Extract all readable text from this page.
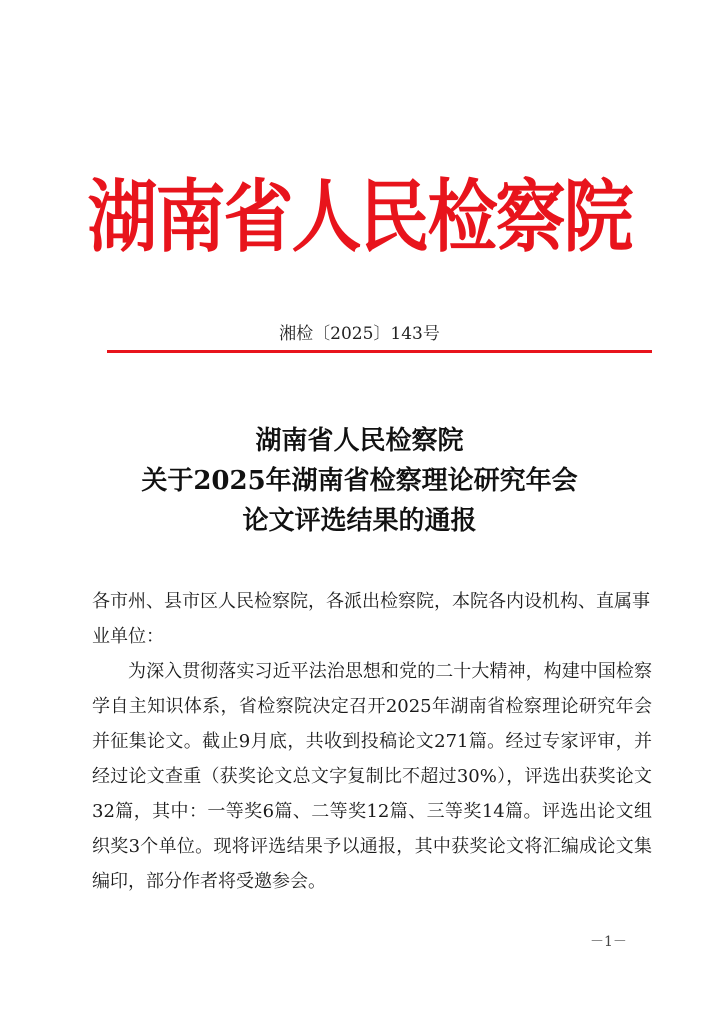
湖南省人民检察院
湘检〔2025〕143号
湖南省人民检察院
关于2025年湖南省检察理论研究年会
论文评选结果的通报

各市州、县市区人民检察院，各派出检察院，本院各内设机构、直属事业单位：

为深入贯彻落实习近平法治思想和党的二十大精神，构建中国检察学自主知识体系，省检察院决定召开2025年湖南省检察理论研究年会并征集论文。截止9月底，共收到投稿论文271篇。经过专家评审，并经过论文查重（获奖论文总文字复制比不超过30%），评选出获奖论文32篇，其中：一等奖6篇、二等奖12篇、三等奖14篇。评选出论文组织奖3个单位。现将评选结果予以通报，其中获奖论文将汇编成论文集编印，部分作者将受邀参会。

－1－
